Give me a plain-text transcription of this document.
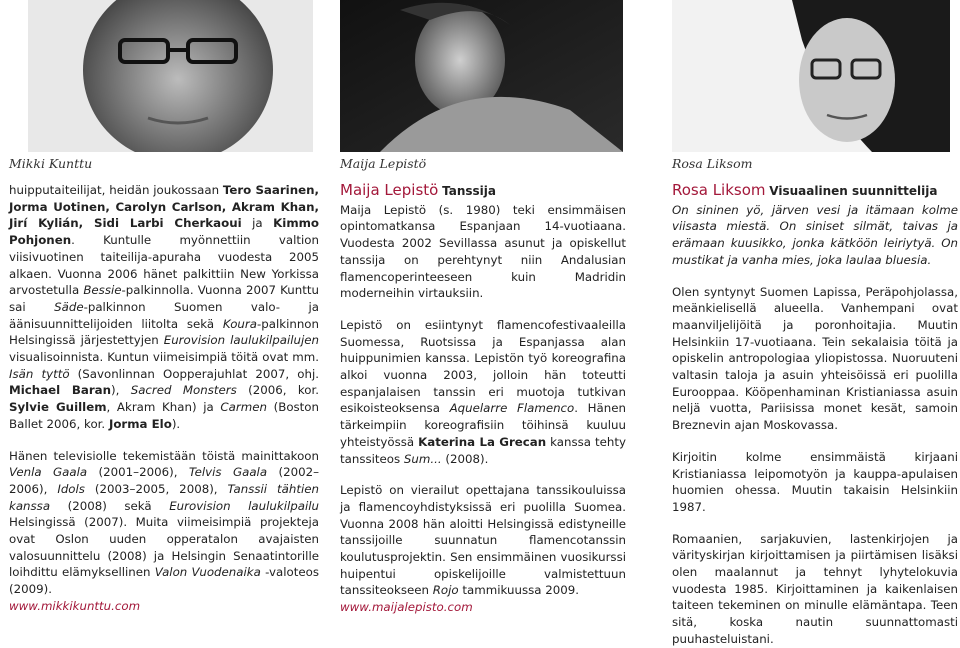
Mikki Kunttu	Maija Lepistö	Rosa Liksom

huipputaiteilijat, heidän joukossaan Tero Saarinen, Jorma Uotinen, Carolyn Carlson, Akram Khan, Jirí Kylián, Sidi Larbi Cherkaoui ja Kimmo Pohjonen. Kuntulle myönnettiin valtion viisivuotinen taiteilija-apuraha vuodesta 2005 alkaen. Vuonna 2006 hänet palkittiin New Yorkissa arvostetulla Bessie-palkinnolla. Vuonna 2007 Kunttu sai Säde-palkinnon Suomen valo- ja äänisuunnittelijoiden liitolta sekä Koura-palkinnon Helsingissä järjestettyjen Eurovision laulukilpailujen visualisoinnista. Kuntun viimeisimpiä töitä ovat mm. Isän tyttö (Savonlinnan Oopperajuhlat 2007, ohj. Michael Baran), Sacred Monsters (2006, kor. Sylvie Guillem, Akram Khan) ja Carmen (Boston Ballet 2006, kor. Jorma Elo).

Hänen televisiolle tekemistään töistä mainittakoon Venla Gaala (2001–2006), Telvis Gaala (2002–2006), Idols (2003–2005, 2008), Tanssii tähtien kanssa (2008) sekä Eurovision laulukilpailu Helsingissä (2007). Muita viimeisimpiä projekteja ovat Oslon uuden opperatalon avajaisten valosuunnittelu (2008) ja Helsingin Senaatintorille loihdittu elämyksellinen Valon Vuodenaika -valoteos (2009).

www.mikkikunttu.com
Maija Lepistö Tanssija

Maija Lepistö (s. 1980) teki ensimmäisen opintomatkansa Espanjaan 14-vuotiaana. Vuodesta 2002 Sevillassa asunut ja opiskellut tanssija on perehtynyt niin Andalusian flamencoperinteeseen kuin Madridin moderneihin virtauksiin.

Lepistö on esiintynyt flamencofestivaaleilla Suomessa, Ruotsissa ja Espanjassa alan huippunimien kanssa. Lepistön työ koreografina alkoi vuonna 2003, jolloin hän toteutti espanjalaisen tanssin eri muotoja tutkivan esikoisteoksensa Aquelarre Flamenco. Hänen tärkeimpiin koreografisiin töihinsä kuuluu yhteistyössä Katerina La Grecan kanssa tehty tanssiteos Sum... (2008).

Lepistö on vierailut opettajana tanssikouluissa ja flamencoyhdistyksissä eri puolilla Suomea. Vuonna 2008 hän aloitti Helsingissä edistyneille tanssijoille suunnatun flamencotanssin koulutusprojektin. Sen ensimmäinen vuosikurssi huipentui opiskelijoille valmistettuun tanssiteokseen Rojo tammikuussa 2009.

www.maijalepisto.com
Rosa Liksom Visuaalinen suunnittelija

On sininen yö, järven vesi ja itämaan kolme viisasta miestä. On siniset silmät, taivas ja erämaan kuusikko, jonka kätköön leiriytyä. On mustikat ja vanha mies, joka laulaa bluesia.

Olen syntynyt Suomen Lapissa, Peräpohjolassa, meänkielisellä alueella. Vanhempani ovat maanviljelijöitä ja poronhoitajia. Muutin Helsinkiin 17-vuotiaana. Tein sekalaisia töitä ja opiskelin antropologiaa yliopistossa. Nuoruuteni valtasin taloja ja asuin yhteisöissä eri puolilla Eurooppaa. Kööpenhaminan Kristianiassa asuin neljä vuotta, Pariisissa monet kesät, samoin Breznevin ajan Moskovassa.

Kirjoitin kolme ensimmäistä kirjaani Kristianiassa leipomotyön ja kauppa-apulaisen huomien ohessa. Muutin takaisin Helsinkiin 1987.

Romaanien, sarjakuvien, lastenkirjojen ja värityskirjan kirjoittamisen ja piirtämisen lisäksi olen maalannut ja tehnyt lyhytelokuvia vuodesta 1985. Kirjoittaminen ja kaikenlaisen taiteen tekeminen on minulle elämäntapa. Teen sitä, koska nautin suunnattomasti puuhasteluistani.
